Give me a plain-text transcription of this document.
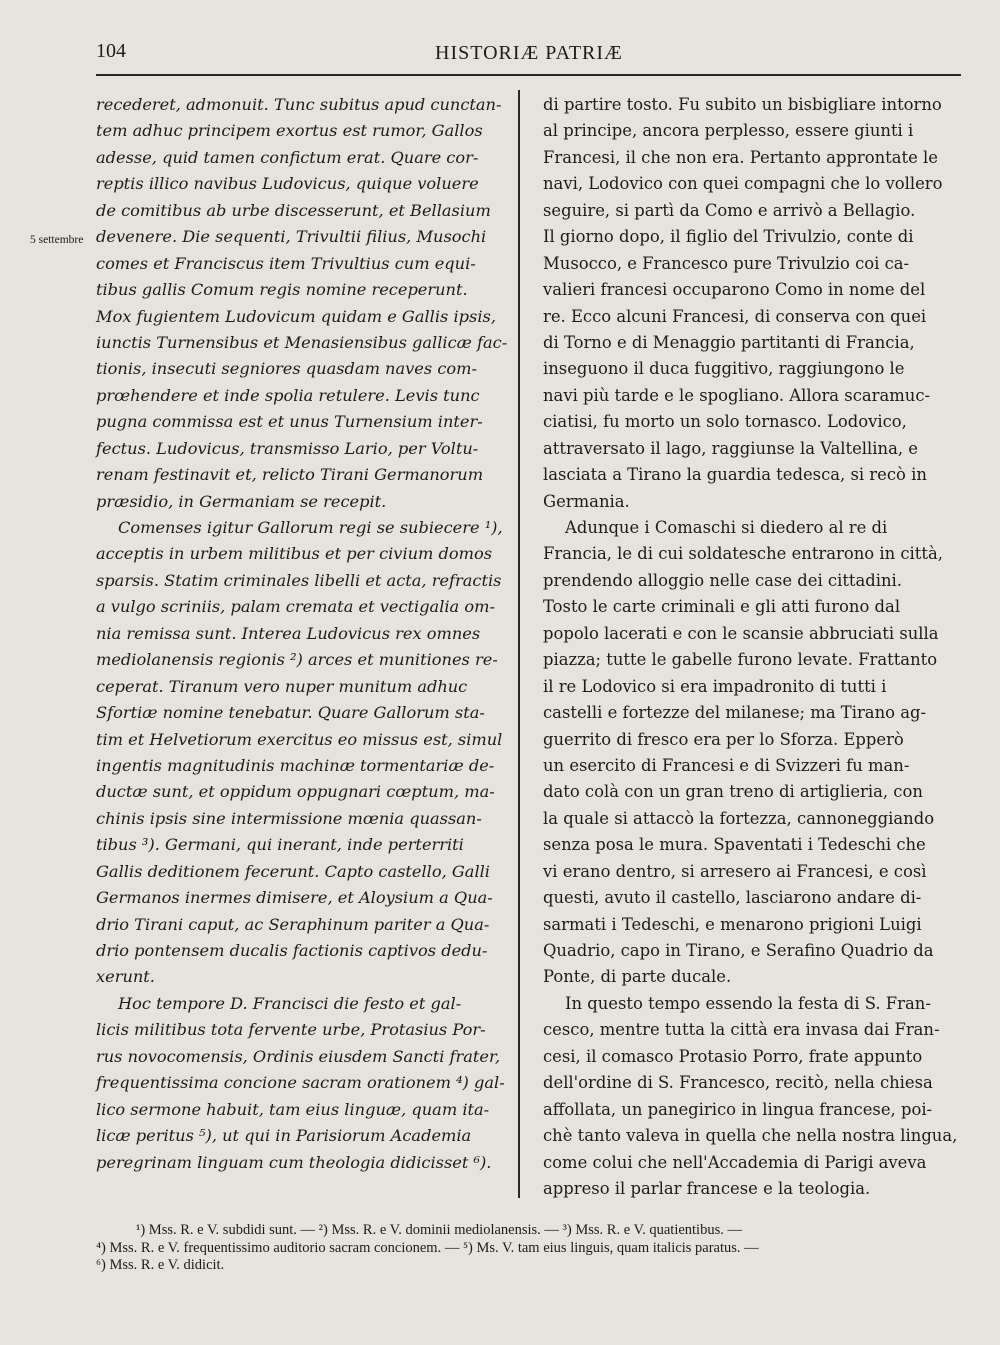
104	HISTORIÆ PATRIÆ
5 settembre
recederet, admonuit. Tunc subitus apud cunctan-
tem adhuc principem exortus est rumor, Gallos
adesse, quid tamen confictum erat. Quare cor-
reptis illico navibus Ludovicus, quique voluere
de comitibus ab urbe discesserunt, et Bellasium
devenere. Die sequenti, Trivultii filius, Musochi
comes et Franciscus item Trivultius cum equi-
tibus gallis Comum regis nomine receperunt.
Mox fugientem Ludovicum quidam e Gallis ipsis,
iunctis Turnensibus et Menasiensibus gallicæ fac-
tionis, insecuti segniores quasdam naves com-
prœhendere et inde spolia retulere. Levis tunc
pugna commissa est et unus Turnensium inter-
fectus. Ludovicus, transmisso Lario, per Voltu-
renam festinavit et, relicto Tirani Germanorum
præsidio, in Germaniam se recepit.
Comenses igitur Gallorum regi se subiecere ¹),
acceptis in urbem militibus et per civium domos
sparsis. Statim criminales libelli et acta, refractis
a vulgo scriniis, palam cremata et vectigalia om-
nia remissa sunt. Interea Ludovicus rex omnes
mediolanensis regionis ²) arces et munitiones re-
ceperat. Tiranum vero nuper munitum adhuc
Sfortiæ nomine tenebatur. Quare Gallorum sta-
tim et Helvetiorum exercitus eo missus est, simul
ingentis magnitudinis machinæ tormentariæ de-
ductæ sunt, et oppidum oppugnari cœptum, ma-
chinis ipsis sine intermissione mœnia quassan-
tibus ³). Germani, qui inerant, inde perterriti
Gallis deditionem fecerunt. Capto castello, Galli
Germanos inermes dimisere, et Aloysium a Qua-
drio Tirani caput, ac Seraphinum pariter a Qua-
drio pontensem ducalis factionis captivos dedu-
xerunt.
Hoc tempore D. Francisci die festo et gal-
licis militibus tota fervente urbe, Protasius Por-
rus novocomensis, Ordinis eiusdem Sancti frater,
frequentissima concione sacram orationem ⁴) gal-
lico sermone habuit, tam eius linguæ, quam ita-
licæ peritus ⁵), ut qui in Parisiorum Academia
peregrinam linguam cum theologia didicisset ⁶).
di partire tosto. Fu subito un bisbigliare intorno
al principe, ancora perplesso, essere giunti i
Francesi, il che non era. Pertanto approntate le
navi, Lodovico con quei compagni che lo vollero
seguire, si partì da Como e arrivò a Bellagio.
Il giorno dopo, il figlio del Trivulzio, conte di
Musocco, e Francesco pure Trivulzio coi ca-
valieri francesi occuparono Como in nome del
re. Ecco alcuni Francesi, di conserva con quei
di Torno e di Menaggio partitanti di Francia,
inseguono il duca fuggitivo, raggiungono le
navi più tarde e le spogliano. Allora scaramuc-
ciatisi, fu morto un solo tornasco. Lodovico,
attraversato il lago, raggiunse la Valtellina, e
lasciata a Tirano la guardia tedesca, si recò in
Germania.
Adunque i Comaschi si diedero al re di
Francia, le di cui soldatesche entrarono in città,
prendendo alloggio nelle case dei cittadini.
Tosto le carte criminali e gli atti furono dal
popolo lacerati e con le scansie abbruciati sulla
piazza; tutte le gabelle furono levate. Frattanto
il re Lodovico si era impadronito di tutti i
castelli e fortezze del milanese; ma Tirano ag-
guerrito di fresco era per lo Sforza. Epperò
un esercito di Francesi e di Svizzeri fu man-
dato colà con un gran treno di artiglieria, con
la quale si attaccò la fortezza, cannoneggiando
senza posa le mura. Spaventati i Tedeschi che
vi erano dentro, si arresero ai Francesi, e così
questi, avuto il castello, lasciarono andare di-
sarmati i Tedeschi, e menarono prigioni Luigi
Quadrio, capo in Tirano, e Serafino Quadrio da
Ponte, di parte ducale.
In questo tempo essendo la festa di S. Fran-
cesco, mentre tutta la città era invasa dai Fran-
cesi, il comasco Protasio Porro, frate appunto
dell'ordine di S. Francesco, recitò, nella chiesa
affollata, un panegirico in lingua francese, poi-
chè tanto valeva in quella che nella nostra lingua,
come colui che nell'Accademia di Parigi aveva
appreso il parlar francese e la teologia.
¹) Mss. R. e V. subdidi sunt. — ²) Mss. R. e V. dominii mediolanensis. — ³) Mss. R. e V. quatientibus. —
⁴) Mss. R. e V. frequentissimo auditorio sacram concionem. — ⁵) Ms. V. tam eius linguis, quam italicis paratus. —
⁶) Mss. R. e V. didicit.
